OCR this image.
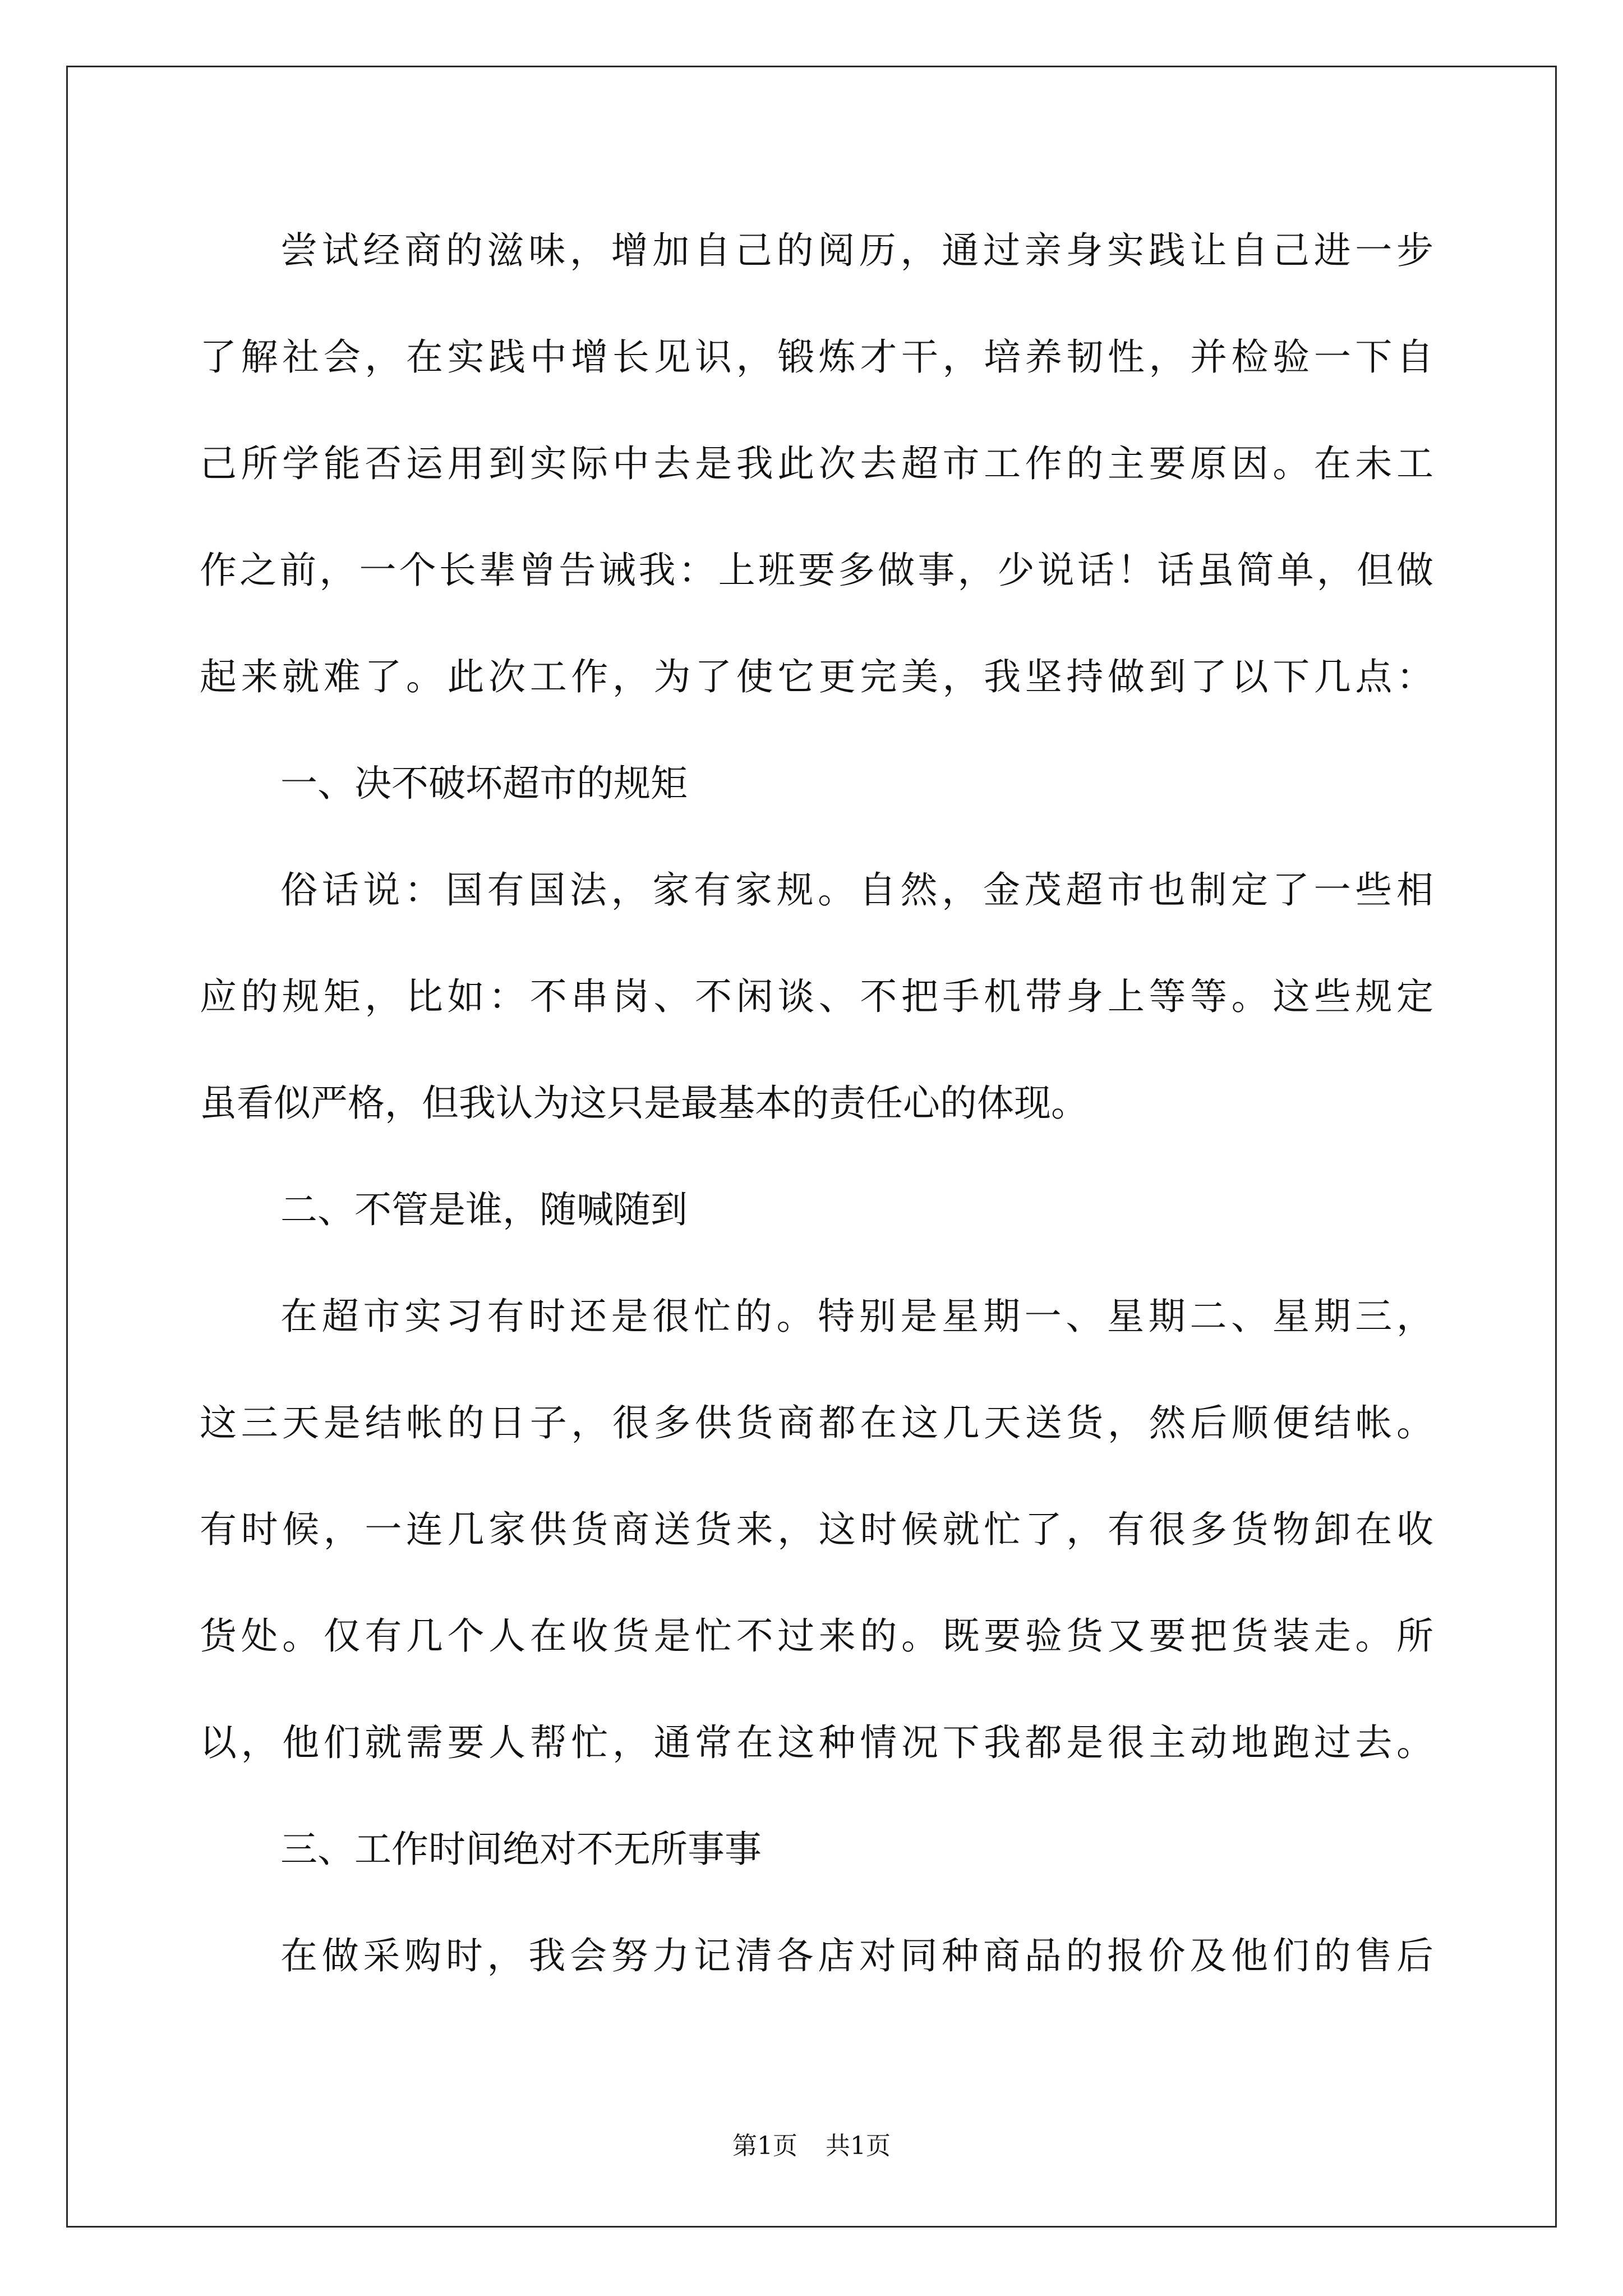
尝试经商的滋味，增加自己的阅历，通过亲身实践让自己进一步
了解社会，在实践中增长见识，锻炼才干，培养韧性，并检验一下自
己所学能否运用到实际中去是我此次去超市工作的主要原因。在未工
作之前，一个长辈曾告诫我：上班要多做事，少说话！话虽简单，但做
起来就难了。此次工作，为了使它更完美，我坚持做到了以下几点：
一、决不破坏超市的规矩
俗话说：国有国法，家有家规。自然，金茂超市也制定了一些相
应的规矩，比如：不串岗、不闲谈、不把手机带身上等等。这些规定
虽看似严格，但我认为这只是最基本的责任心的体现。
二、不管是谁，随喊随到
在超市实习有时还是很忙的。特别是星期一、星期二、星期三，
这三天是结帐的日子，很多供货商都在这几天送货，然后顺便结帐。
有时候，一连几家供货商送货来，这时候就忙了，有很多货物卸在收
货处。仅有几个人在收货是忙不过来的。既要验货又要把货装走。所
以，他们就需要人帮忙，通常在这种情况下我都是很主动地跑过去。
三、工作时间绝对不无所事事
在做采购时，我会努力记清各店对同种商品的报价及他们的售后
第1页 共1页
